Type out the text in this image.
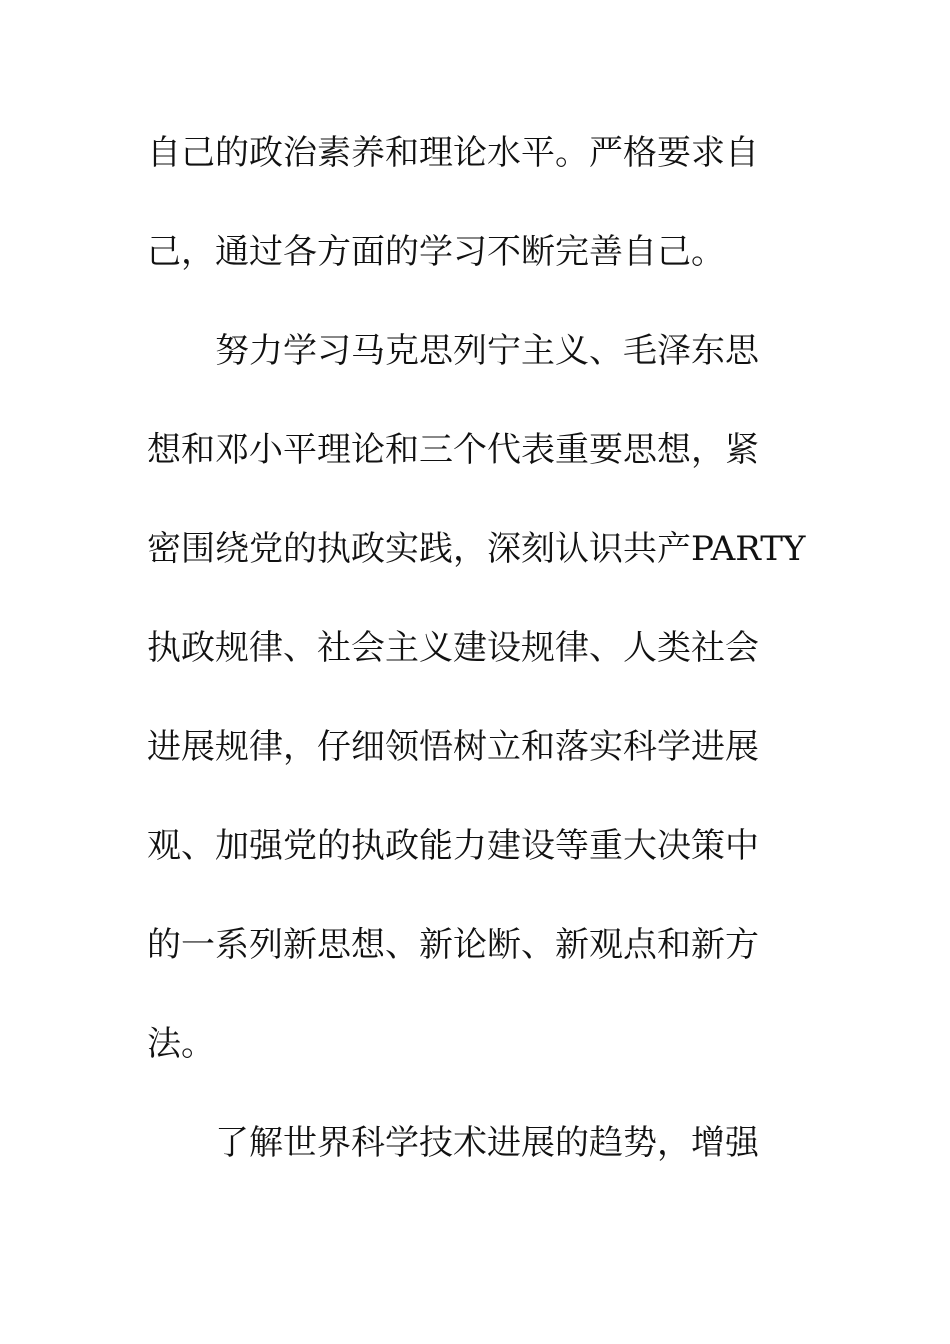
自己的政治素养和理论水平。严格要求自
己，通过各方面的学习不断完善自己。
努力学习马克思列宁主义、毛泽东思
想和邓小平理论和三个代表重要思想，紧
密围绕党的执政实践，深刻认识共产PARTY
执政规律、社会主义建设规律、人类社会
进展规律，仔细领悟树立和落实科学进展
观、加强党的执政能力建设等重大决策中
的一系列新思想、新论断、新观点和新方
法。
了解世界科学技术进展的趋势，增强
